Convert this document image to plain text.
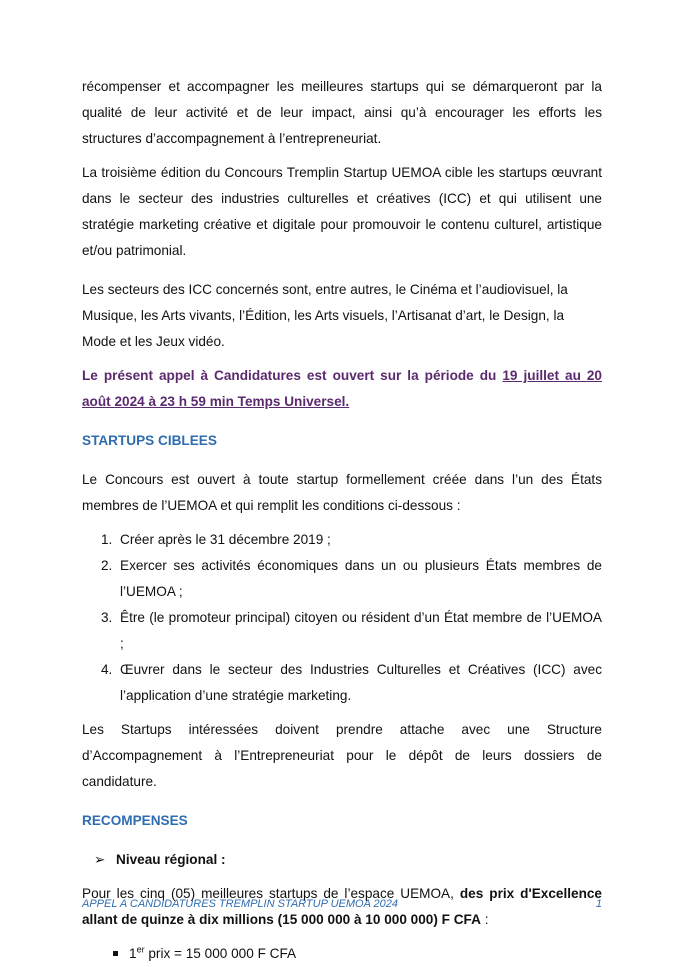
récompenser et accompagner les meilleures startups qui se démarqueront par la qualité de leur activité et de leur impact, ainsi qu’à encourager les efforts les structures d’accompagnement à l’entrepreneuriat.

La troisième édition du Concours Tremplin Startup UEMOA cible les startups œuvrant dans le secteur des industries culturelles et créatives (ICC) et qui utilisent une stratégie marketing créative et digitale pour promouvoir le contenu culturel, artistique et/ou patrimonial.

Les secteurs des ICC concernés sont, entre autres, le Cinéma et l’audiovisuel, la

Musique, les Arts vivants, l’Édition, les Arts visuels, l’Artisanat d’art, le Design, la

Mode et les Jeux vidéo.

Le présent appel à Candidatures est ouvert sur la période du 19 juillet au 20 août 2024 à 23 h 59 min Temps Universel.

STARTUPS CIBLEES

Le Concours est ouvert à toute startup formellement créée dans l’un des États membres de l’UEMOA et qui remplit les conditions ci-dessous :

1. Créer après le 31 décembre 2019 ;
2. Exercer ses activités économiques dans un ou plusieurs États membres de l’UEMOA ;
3. Être (le promoteur principal) citoyen ou résident d’un État membre de l’UEMOA ;
4. Œuvrer dans le secteur des Industries Culturelles et Créatives (ICC) avec l’application d’une stratégie marketing.

Les Startups intéressées doivent prendre attache avec une Structure d’Accompagnement à l’Entrepreneuriat pour le dépôt de leurs dossiers de candidature.

RECOMPENSES
➢ Niveau régional :

Pour les cinq (05) meilleures startups de l’espace UEMOA, des prix d'Excellence allant de quinze à dix millions (15 000 000 à 10 000 000) F CFA :

1er prix = 15 000 000 F CFA
APPEL A CANDIDATURES TREMPLIN STARTUP UEMOA 2024	1
